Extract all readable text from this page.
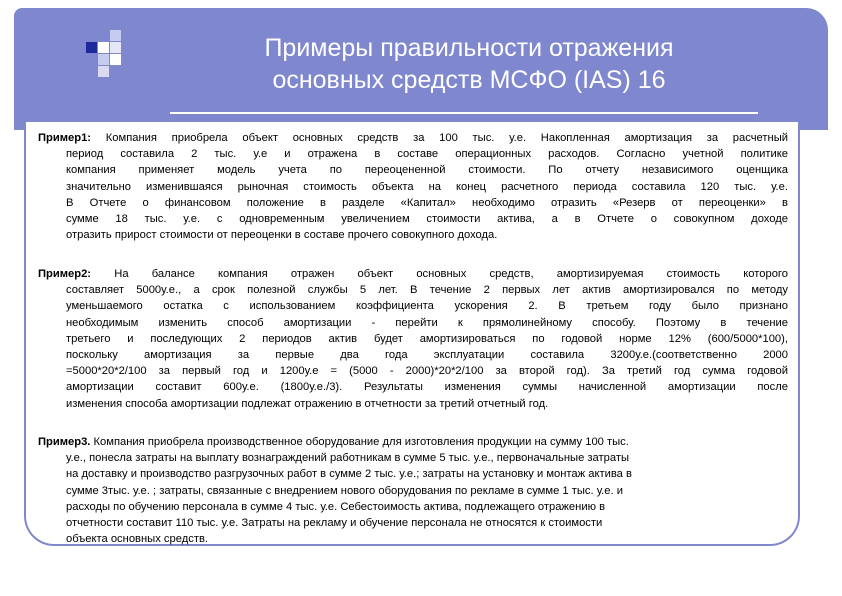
Примеры правильности отражения
основных средств МСФО (IAS) 16
Пример1: Компания приобрела объект основных средств за 100 тыс. у.е. Накопленная амортизация за расчетный
период составила 2 тыс. у.е и отражена в составе операционных расходов. Согласно учетной политике
компания применяет модель учета по переоцененной стоимости. По отчету независимого оценщика
значительно изменившаяся рыночная стоимость объекта на конец расчетного периода составила 120 тыс. у.е.
В Отчете о финансовом положение в разделе «Капитал» необходимо отразить «Резерв от переоценки» в
сумме 18 тыс. у.е. с одновременным увеличением стоимости актива, а в Отчете о совокупном доходе
отразить прирост стоимости от переоценки в составе прочего совокупного дохода.
Пример2: На балансе компания отражен объект основных средств, амортизируемая стоимость которого
составляет 5000у.е., а срок полезной службы 5 лет. В течение 2 первых лет актив амортизировался по методу
уменьшаемого остатка с использованием коэффициента ускорения 2. В третьем году было признано
необходимым изменить способ амортизации - перейти к прямолинейному способу. Поэтому в течение
третьего и последующих 2 периодов актив будет амортизироваться по годовой норме 12% (600/5000*100),
поскольку амортизация за первые два года эксплуатации составила 3200у.е.(соответственно 2000
=5000*20*2/100 за первый год и 1200у.е = (5000 - 2000)*20*2/100 за второй год). За третий год сумма годовой
амортизации составит 600у.е. (1800у.е./3). Результаты изменения суммы начисленной амортизации после
изменения способа амортизации подлежат отражению в отчетности за третий отчетный год.
Пример3. Компания приобрела производственное оборудование для изготовления продукции на сумму 100 тыс.
у.е., понесла затраты на выплату вознаграждений работникам в сумме 5 тыс. у.е., первоначальные затраты
на доставку и производство разгрузочных работ в сумме 2 тыс. у.е.; затраты на установку и монтаж актива в
сумме 3тыс. у.е. ; затраты, связанные с внедрением нового оборудования по рекламе в сумме 1 тыс. у.е. и
расходы по обучению персонала в сумме 4 тыс. у.е. Себестоимость актива, подлежащего отражению в
отчетности составит 110 тыс. у.е. Затраты на рекламу и обучение персонала не относятся к стоимости
объекта основных средств.
